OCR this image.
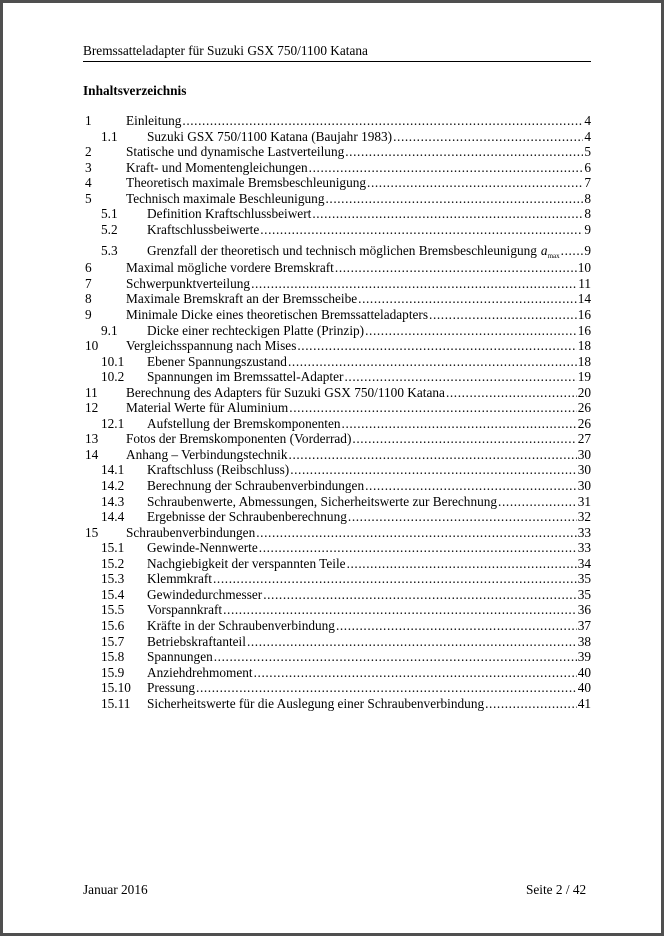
Bremssatteladapter für Suzuki GSX 750/1100 Katana
Inhaltsverzeichnis
1	Einleitung .....	4
1.1	Suzuki GSX 750/1100 Katana (Baujahr 1983) .....	4
2	Statische und dynamische Lastverteilung .....	5
3	Kraft- und Momentengleichungen .....	6
4	Theoretisch maximale Bremsbeschleunigung .....	7
5	Technisch maximale Beschleunigung .....	8
5.1	Definition Kraftschlussbeiwert .....	8
5.2	Kraftschlussbeiwerte .....	9
5.3	Grenzfall der theoretisch und technisch möglichen Bremsbeschleunigung $a_{max}$ ..... 9
6	Maximal mögliche vordere Bremskraft .....	10
7	Schwerpunktverteilung .....	11
8	Maximale Bremskraft an der Bremsscheibe .....	14
9	Minimale Dicke eines theoretischen Bremssatteladapters .....	16
9.1	Dicke einer rechteckigen Platte (Prinzip) .....	16
10	Vergleichsspannung nach Mises .....	18
10.1	Ebener Spannungszustand .....	18
10.2	Spannungen im Bremssattel-Adapter .....	19
11	Berechnung des Adapters für Suzuki GSX 750/1100 Katana .....	20
12	Material Werte für Aluminium .....	26
12.1	Aufstellung der Bremskomponenten .....	26
13	Fotos der Bremskomponenten (Vorderrad) .....	27
14	Anhang – Verbindungstechnik .....	30
14.1	Kraftschluss (Reibschluss) .....	30
14.2	Berechnung der Schraubenverbindungen .....	30
14.3	Schraubenwerte, Abmessungen, Sicherheitswerte zur Berechnung .....	31
14.4	Ergebnisse der Schraubenberechnung .....	32
15	Schraubenverbindungen .....	33
15.1	Gewinde-Nennwerte .....	33
15.2	Nachgiebigkeit der verspannten Teile .....	34
15.3	Klemmkraft .....	35
15.4	Gewindedurchmesser .....	35
15.5	Vorspannkraft .....	36
15.6	Kräfte in der Schraubenverbindung .....	37
15.7	Betriebskraftanteil .....	38
15.8	Spannungen .....	39
15.9	Anziehdrehmoment .....	40
15.10	Pressung .....	40
15.11	Sicherheitswerte für die Auslegung einer Schraubenverbindung .....	41
Januar 2016	Seite 2 / 42
